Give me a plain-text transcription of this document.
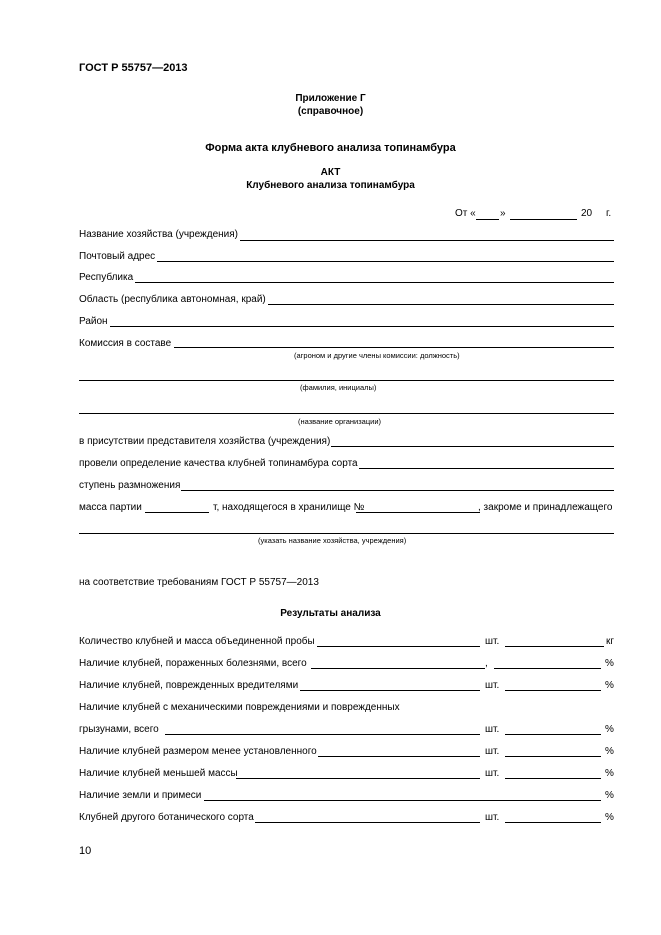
ГОСТ Р 55757—2013
Приложение Г
(справочное)
Форма акта клубневого анализа топинамбура
АКТ
Клубневого анализа топинамбура
От « »	20 г.
Название хозяйства (учреждения)
Почтовый адрес
Республика
Область (республика автономная, край)
Район
Комиссия в составе
(агроном и другие члены комиссии: должность)
(фамилия, инициалы)
(название организации)
в присутствии представителя хозяйства (учреждения)
провели определение качества клубней топинамбура сорта
ступень размножения
масса партии	т, находящегося в хранилище №	, закроме и принадлежащего
(указать название хозяйства, учреждения)
на соответствие требованиям ГОСТ Р 55757—2013
Результаты анализа
Количество клубней и масса объединенной пробы	шт.	кг
Наличие клубней, пораженных болезнями, всего	,	%
Наличие клубней, поврежденных вредителями	шт.	%
Наличие клубней с механическими повреждениями и поврежденных
грызунами, всего	шт.	%
Наличие клубней размером менее установленного	шт.	%
Наличие клубней меньшей массы	шт.	%
Наличие земли и примеси	%
Клубней другого ботанического сорта	шт.	%
10
